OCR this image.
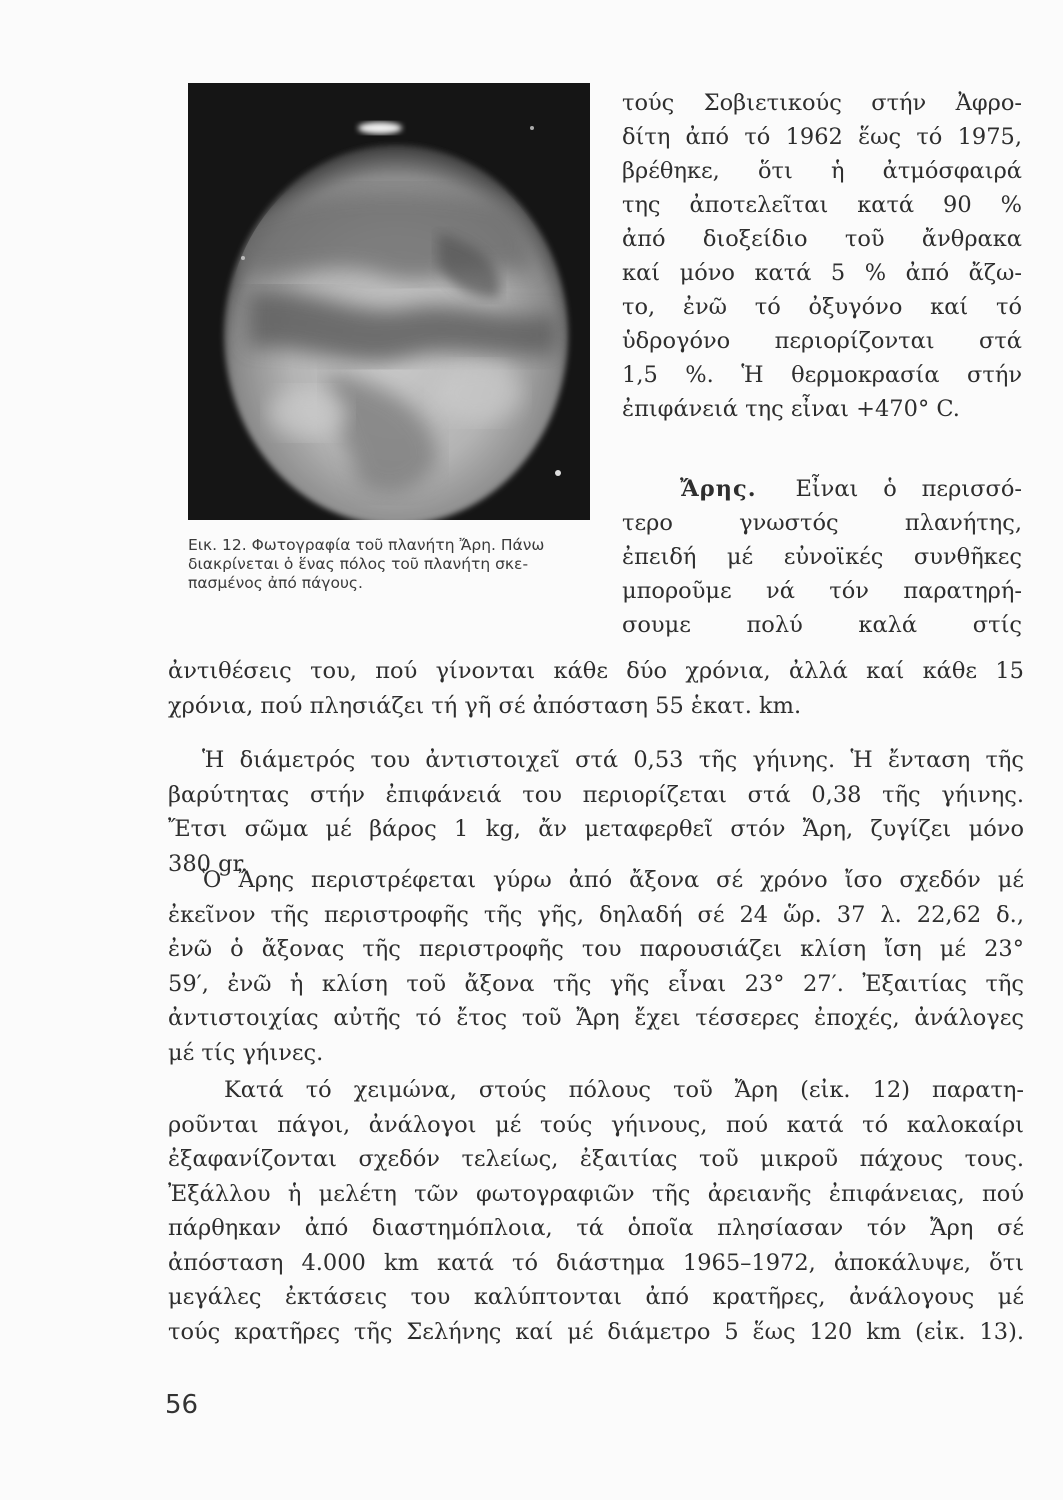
Εικ. 12. Φωτογραφία τοῦ πλανήτη Ἄρη. Πάνω
διακρίνεται ὁ ἕνας πόλος τοῦ πλανήτη σκε-
πασμένος ἀπό πάγους.
τούς Σοβιετικούς στήν Ἀφρο-
δίτη ἀπό τό 1962 ἕως τό 1975,
βρέθηκε, ὅτι ἡ ἀτμόσφαιρά
της ἀποτελεῖται κατά 90 %
ἀπό διοξείδιο τοῦ ἄνθρακα
καί μόνο κατά 5 % ἀπό ἄζω-
το, ἐνῶ τό ὀξυγόνο καί τό
ὑδρογόνο περιορίζονται στά
1,5 %. Ἡ θερμοκρασία στήν
ἐπιφάνειά της εἶναι +470° C.
Ἄρης. Εἶναι ὁ περισσό-
τερο γνωστός πλανήτης,
ἐπειδή μέ εὐνοϊκές συνθῆκες
μποροῦμε νά τόν παρατηρή-
σουμε πολύ καλά στίς
ἀντιθέσεις του, πού γίνονται κάθε δύο χρόνια, ἀλλά καί κάθε 15
χρόνια, πού πλησιάζει τή γῆ σέ ἀπόσταση 55 ἑκατ. km.
Ἡ διάμετρός του ἀντιστοιχεῖ στά 0,53 τῆς γήινης. Ἡ ἔνταση τῆς
βαρύτητας στήν ἐπιφάνειά του περιορίζεται στά 0,38 τῆς γήινης.
Ἔτσι σῶμα μέ βάρος 1 kg, ἄν μεταφερθεῖ στόν Ἄρη, ζυγίζει μόνο
380 gr.
Ὁ Ἄρης περιστρέφεται γύρω ἀπό ἄξονα σέ χρόνο ἴσο σχεδόν μέ
ἐκεῖνον τῆς περιστροφῆς τῆς γῆς, δηλαδή σέ 24 ὥρ. 37 λ. 22,62 δ.,
ἐνῶ ὁ ἄξονας τῆς περιστροφῆς του παρουσιάζει κλίση ἴση μέ 23°
59′, ἐνῶ ἡ κλίση τοῦ ἄξονα τῆς γῆς εἶναι 23° 27′. Ἐξαιτίας τῆς
ἀντιστοιχίας αὐτῆς τό ἔτος τοῦ Ἄρη ἔχει τέσσερες ἐποχές, ἀνάλογες
μέ τίς γήινες.
Κατά τό χειμώνα, στούς πόλους τοῦ Ἄρη (εἰκ. 12) παρατη-
ροῦνται πάγοι, ἀνάλογοι μέ τούς γήινους, πού κατά τό καλοκαίρι
ἐξαφανίζονται σχεδόν τελείως, ἐξαιτίας τοῦ μικροῦ πάχους τους.
Ἐξάλλου ἡ μελέτη τῶν φωτογραφιῶν τῆς ἀρειανῆς ἐπιφάνειας, πού
πάρθηκαν ἀπό διαστημόπλοια, τά ὁποῖα πλησίασαν τόν Ἄρη σέ
ἀπόσταση 4.000 km κατά τό διάστημα 1965–1972, ἀποκάλυψε, ὅτι
μεγάλες ἐκτάσεις του καλύπτονται ἀπό κρατῆρες, ἀνάλογους μέ
τούς κρατῆρες τῆς Σελήνης καί μέ διάμετρο 5 ἕως 120 km (εἰκ. 13).
56
